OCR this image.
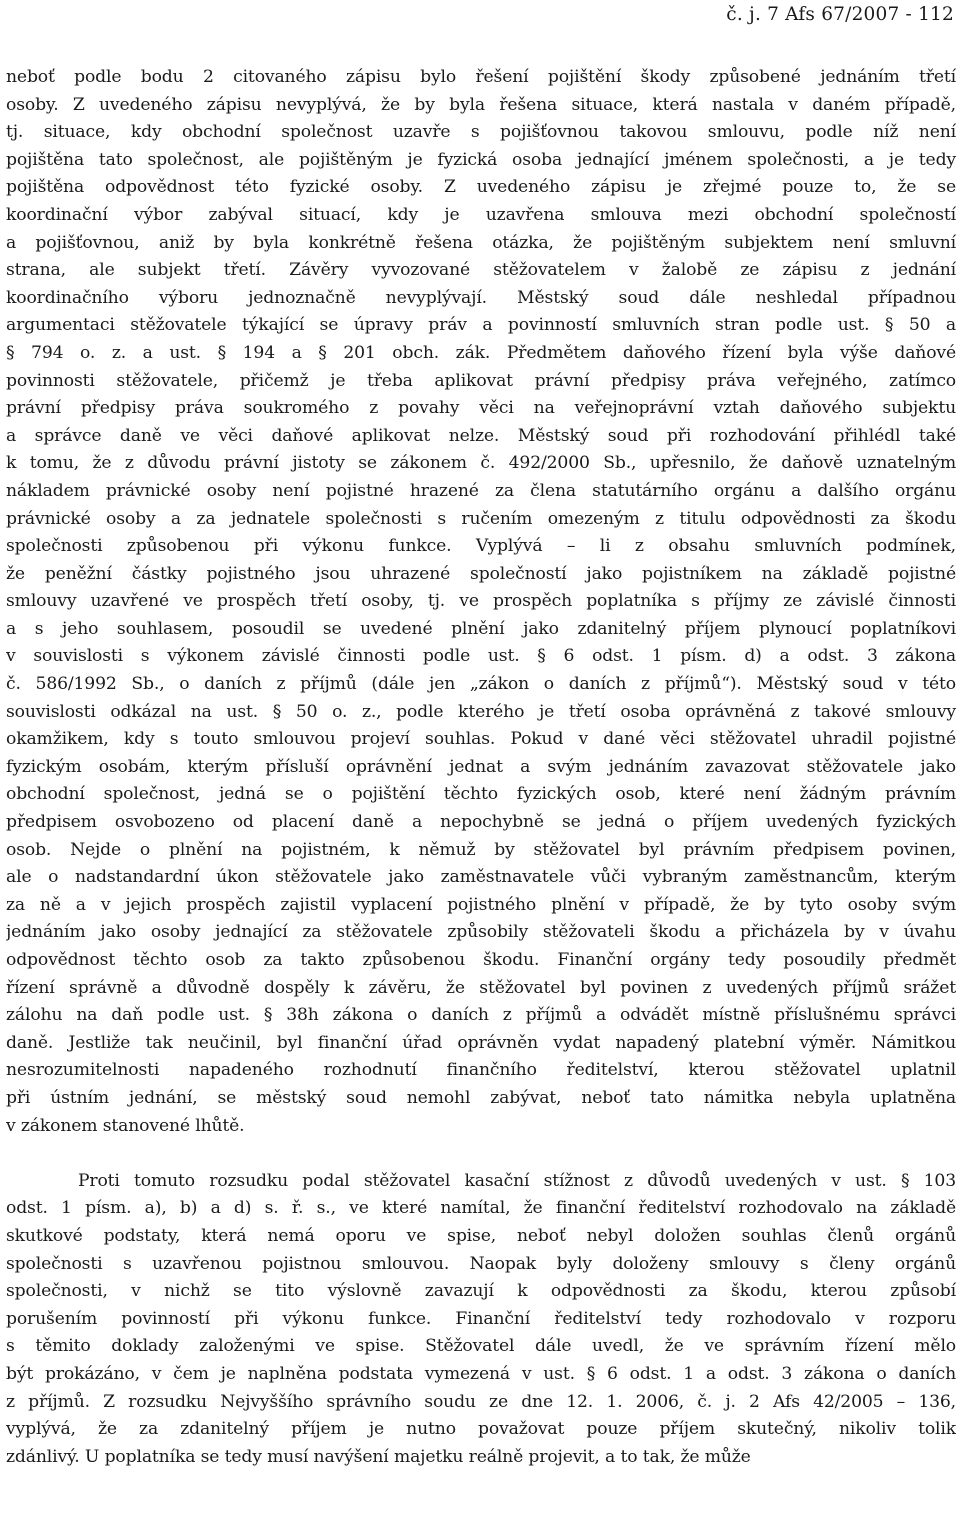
č. j. 7 Afs 67/2007 - 112
neboť podle bodu 2 citovaného zápisu bylo řešení pojištění škody způsobené jednáním třetí
osoby. Z uvedeného zápisu nevyplývá, že by byla řešena situace, která nastala v daném případě,
tj. situace, kdy obchodní společnost uzavře s pojišťovnou takovou smlouvu, podle níž není
pojištěna tato společnost, ale pojištěným je fyzická osoba jednající jménem společnosti, a je tedy
pojištěna odpovědnost této fyzické osoby. Z uvedeného zápisu je zřejmé pouze to, že se
koordinační výbor zabýval situací, kdy je uzavřena smlouva mezi obchodní společností
a pojišťovnou, aniž by byla konkrétně řešena otázka, že pojištěným subjektem není smluvní
strana, ale subjekt třetí. Závěry vyvozované stěžovatelem v žalobě ze zápisu z jednání
koordinačního výboru jednoznačně nevyplývají. Městský soud dále neshledal případnou
argumentaci stěžovatele týkající se úpravy práv a povinností smluvních stran podle ust. § 50 a
§ 794 o. z. a ust. § 194 a § 201 obch. zák. Předmětem daňového řízení byla výše daňové
povinnosti stěžovatele, přičemž je třeba aplikovat právní předpisy práva veřejného, zatímco
právní předpisy práva soukromého z povahy věci na veřejnoprávní vztah daňového subjektu
a správce daně ve věci daňové aplikovat nelze. Městský soud při rozhodování přihlédl také
k tomu, že z důvodu právní jistoty se zákonem č. 492/2000 Sb., upřesnilo, že daňově uznatelným
nákladem právnické osoby není pojistné hrazené za člena statutárního orgánu a dalšího orgánu
právnické osoby a za jednatele společnosti s ručením omezeným z titulu odpovědnosti za škodu
společnosti způsobenou při výkonu funkce. Vyplývá – li z obsahu smluvních podmínek,
že peněžní částky pojistného jsou uhrazené společností jako pojistníkem na základě pojistné
smlouvy uzavřené ve prospěch třetí osoby, tj. ve prospěch poplatníka s příjmy ze závislé činnosti
a s jeho souhlasem, posoudil se uvedené plnění jako zdanitelný příjem plynoucí poplatníkovi
v souvislosti s výkonem závislé činnosti podle ust. § 6 odst. 1 písm. d) a odst. 3 zákona
č. 586/1992 Sb., o daních z příjmů (dále jen „zákon o daních z příjmů“). Městský soud v této
souvislosti odkázal na ust. § 50 o. z., podle kterého je třetí osoba oprávněná z takové smlouvy
okamžikem, kdy s touto smlouvou projeví souhlas. Pokud v dané věci stěžovatel uhradil pojistné
fyzickým osobám, kterým přísluší oprávnění jednat a svým jednáním zavazovat stěžovatele jako
obchodní společnost, jedná se o pojištění těchto fyzických osob, které není žádným právním
předpisem osvobozeno od placení daně a nepochybně se jedná o příjem uvedených fyzických
osob. Nejde o plnění na pojistném, k němuž by stěžovatel byl právním předpisem povinen,
ale o nadstandardní úkon stěžovatele jako zaměstnavatele vůči vybraným zaměstnancům, kterým
za ně a v jejich prospěch zajistil vyplacení pojistného plnění v případě, že by tyto osoby svým
jednáním jako osoby jednající za stěžovatele způsobily stěžovateli škodu a přicházela by v úvahu
odpovědnost těchto osob za takto způsobenou škodu. Finanční orgány tedy posoudily předmět
řízení správně a důvodně dospěly k závěru, že stěžovatel byl povinen z uvedených příjmů srážet
zálohu na daň podle ust. § 38h zákona o daních z příjmů a odvádět místně příslušnému správci
daně. Jestliže tak neučinil, byl finanční úřad oprávněn vydat napadený platební výměr. Námitkou
nesrozumitelnosti napadeného rozhodnutí finančního ředitelství, kterou stěžovatel uplatnil
při ústním jednání, se městský soud nemohl zabývat, neboť tato námitka nebyla uplatněna
v zákonem stanovené lhůtě.
Proti tomuto rozsudku podal stěžovatel kasační stížnost z důvodů uvedených v ust. § 103
odst. 1 písm. a), b) a d) s. ř. s., ve které namítal, že finanční ředitelství rozhodovalo na základě
skutkové podstaty, která nemá oporu ve spise, neboť nebyl doložen souhlas členů orgánů
společnosti s uzavřenou pojistnou smlouvou. Naopak byly doloženy smlouvy s členy orgánů
společnosti, v nichž se tito výslovně zavazují k odpovědnosti za škodu, kterou způsobí
porušením povinností při výkonu funkce. Finanční ředitelství tedy rozhodovalo v rozporu
s těmito doklady založenými ve spise. Stěžovatel dále uvedl, že ve správním řízení mělo
být prokázáno, v čem je naplněna podstata vymezená v ust. § 6 odst. 1 a odst. 3 zákona o daních
z příjmů. Z rozsudku Nejvyššího správního soudu ze dne 12. 1. 2006, č. j. 2 Afs 42/2005 – 136,
vyplývá, že za zdanitelný příjem je nutno považovat pouze příjem skutečný, nikoliv tolik
zdánlivý. U poplatníka se tedy musí navýšení majetku reálně projevit, a to tak, že může
